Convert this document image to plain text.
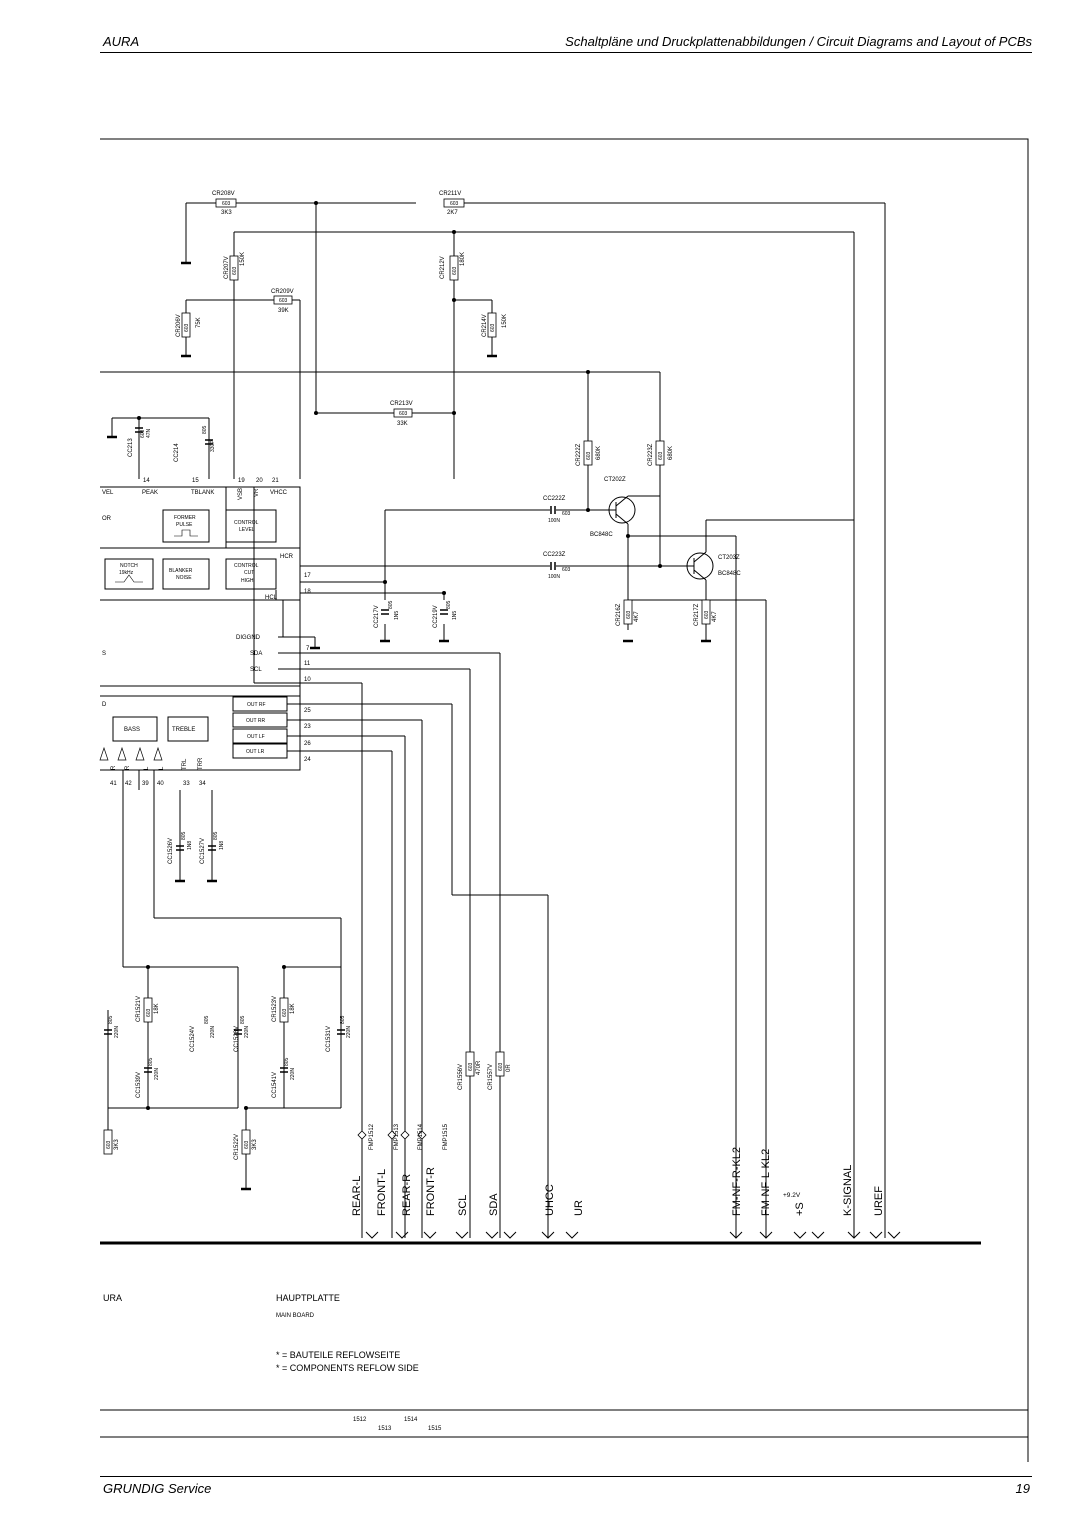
AURA	Schaltpläne und Druckplattenabbildungen / Circuit Diagrams and Layout of PCBs
CR208V
3K3
603
CR211V
2K7
603
CR207V 150K
603	CR212V 180K
603
CR209V
39K
603
CR206V 75K
603	CR214V 150K
603
CR213V
33K
603
CR222Z 680K
603	CR223Z 680K
603
CR216Z 4K7
603	CR217Z 4K7
603
CR1521V 18K
603	CR1523V 18K
603
CR1556V 470R
603 CR1557V 0R
603
CR1522V 3K3
603
3K3
603
CC213
47N
603
CC214	330P
805
CC222Z
100N
603
CC223Z
100N
603
CC217V	1N5
805
CC219V	1N5
805
CC1526V	1N8
805
CC1527V	1N8
805
220N
805
CC1539V 220N
805
CC1524V	220N
805
CC1528V 220N
805
CC1541V 220N
805
CC1531V	220N
805
CT202Z
BC848C
CT203Z
BC848C
14	15	19 20 21
VEL	PEAK	TBLANK	VSB VR VHCC
FORMER
PULSE	CONTROL
LEVEL
NOTCH
19kHz	BLANKER
NOISE
CONTROL
CUT
HIGH
BASS	TREBLE
OUT RF
OUT RR
OUT LF
OUT LR
OR
HCR
HCL
DIGGND
SDA
SCL
S
D
17
18
7
11
10
25
23
26
24
R R L L	TRL TRR
41 42 39 40	33 34
FMP1512	FMP1513	FMP1514	FMP1515
REAR-L FRONT-L REAR-R FRONT-R SCL SDA	UHCC UR	FM-NF-R-KL2 FM-NF-L-KL2 +S	K-SIGNAL UREF
+9.2V
URA	HAUPTPLATTE
MAIN BOARD
* = BAUTEILE REFLOWSEITE
* = COMPONENTS REFLOW SIDE
1512
1513
1514
1515
GRUNDIG Service	19
